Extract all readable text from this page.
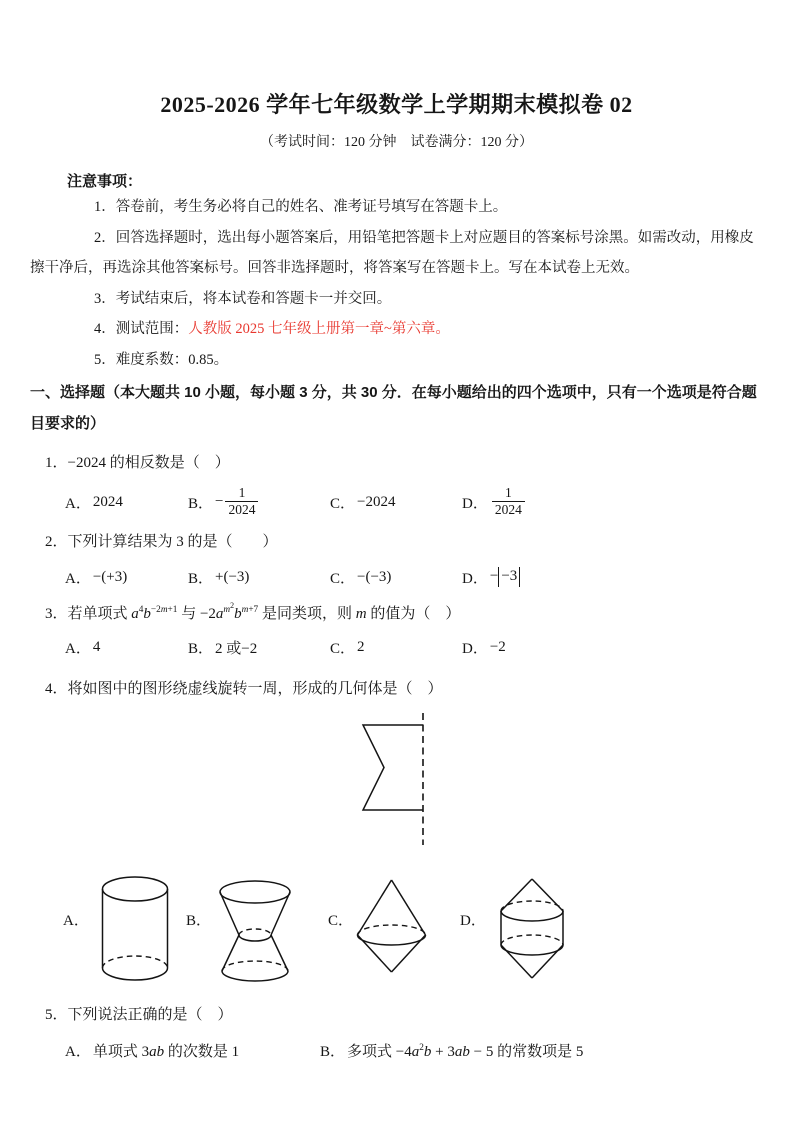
2025-2026 学年七年级数学上学期期末模拟卷 02
（考试时间：120 分钟　试卷满分：120 分）
注意事项：

1．答卷前，考生务必将自己的姓名、准考证号填写在答题卡上。

2．回答选择题时，选出每小题答案后，用铅笔把答题卡上对应题目的答案标号涂黑。如需改动，用橡皮擦干净后，再选涂其他答案标号。回答非选择题时，将答案写在答题卡上。写在本试卷上无效。

3．考试结束后，将本试卷和答题卡一并交回。

4．测试范围：人教版 2025 七年级上册第一章~第六章。

5．难度系数：0.85。

一、选择题（本大题共 10 小题，每小题 3 分，共 30 分．在每小题给出的四个选项中，只有一个选项是符合题目要求的）

1．−2024 的相反数是（　）

A． 2024	B． − $\frac{1}{2024}$	C． −2024	D． $\frac{1}{2024}$

2．下列计算结果为 3 的是（　　）

A． −(+3)	B． +(−3)	C． −(−3)	D． − −3

3．若单项式 $a^4b^{-2m+1}$ 与 $-2a^{m^2}b^{m+7}$ 是同类项，则 m 的值为（　）

A． 4	B． 2 或−2	C． 2	D． −2

4．将如图中的图形绕虚线旋转一周，形成的几何体是（　）

A．	B．	C．	D．

5．下列说法正确的是（　）

A． 单项式 3ab 的次数是 1	B． 多项式 $-4a^2b + 3ab - 5$ 的常数项是 5
